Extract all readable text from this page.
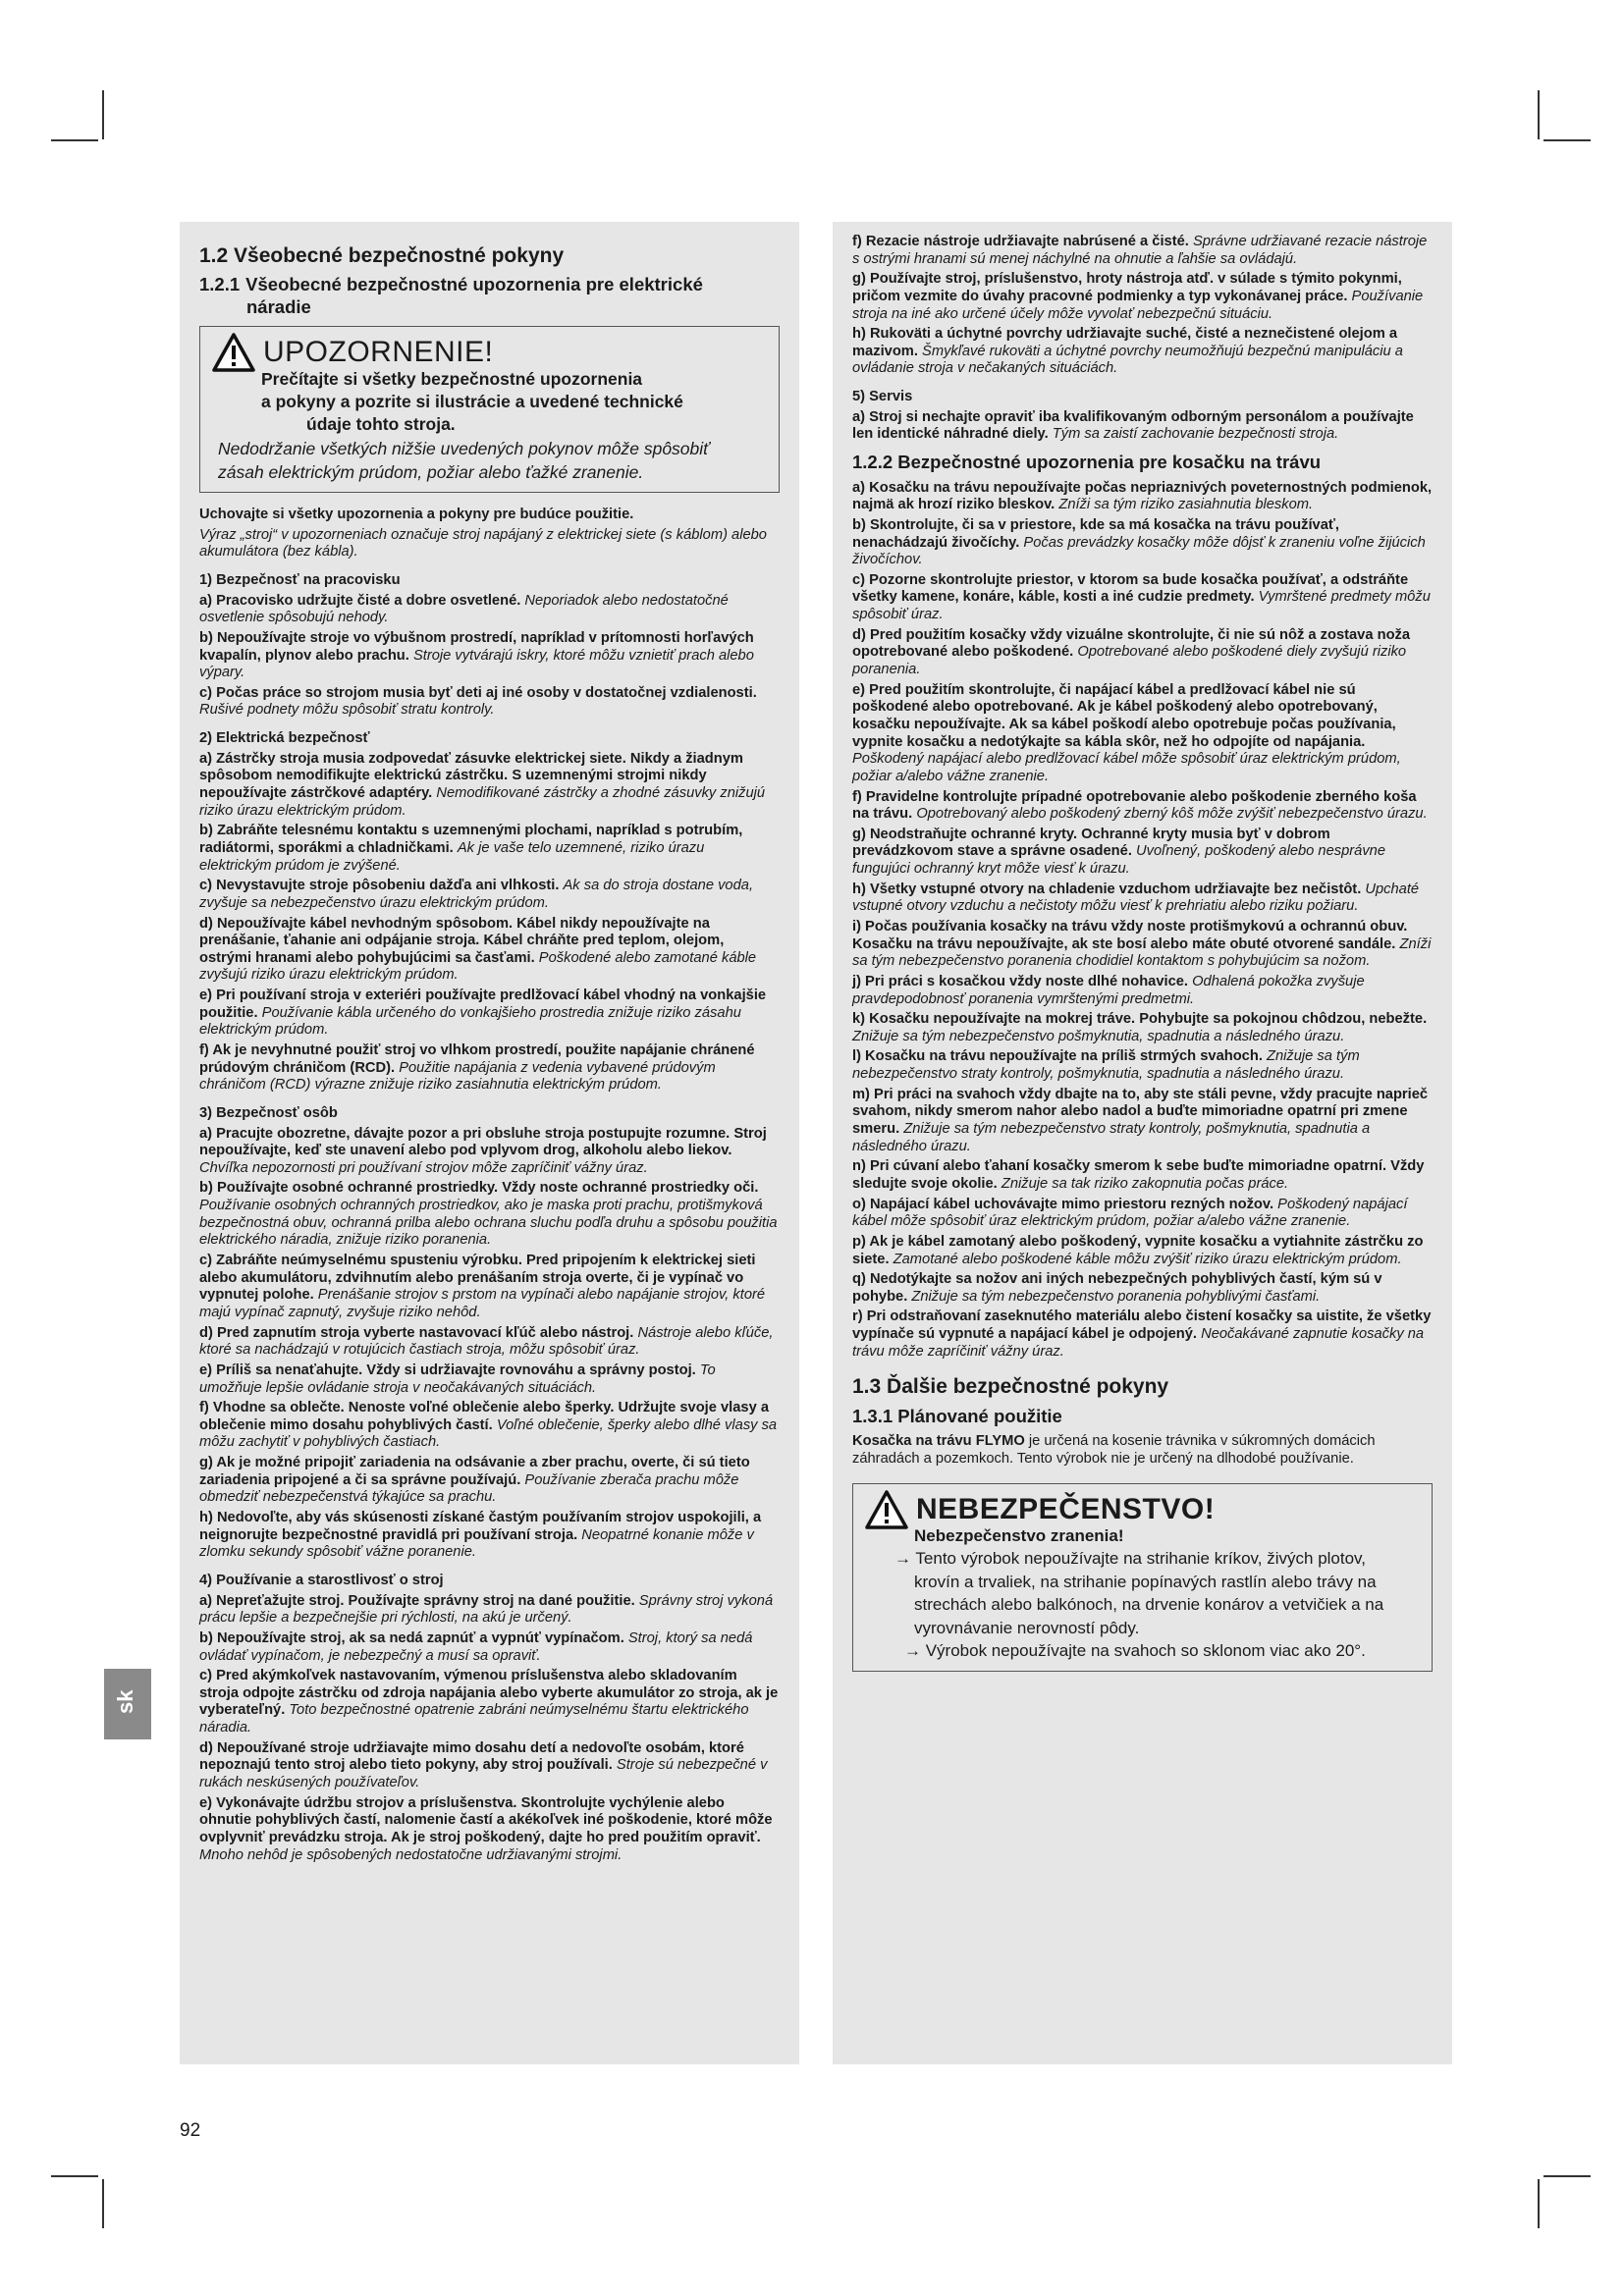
1.2 Všeobecné bezpečnostné pokyny
1.2.1 Všeobecné bezpečnostné upozornenia pre elektrické
náradie
UPOZORNENIE!
Prečítajte si všetky bezpečnostné upozornenia
a pokyny a pozrite si ilustrácie a uvedené technické
údaje tohto stroja.
Nedodržanie všetkých nižšie uvedených pokynov môže spôsobiť
zásah elektrickým prúdom, požiar alebo ťažké zranenie.
Uchovajte si všetky upozornenia a pokyny pre budúce použitie.
Výraz „stroj“ v upozorneniach označuje stroj napájaný z elektrickej siete (s káblom) alebo akumulátora (bez kábla).
1) Bezpečnosť na pracovisku
a) Pracovisko udržujte čisté a dobre osvetlené. Neporiadok alebo nedostatočné osvetlenie spôsobujú nehody.
b) Nepoužívajte stroje vo výbušnom prostredí, napríklad v prítomnosti horľavých kvapalín, plynov alebo prachu. Stroje vytvárajú iskry, ktoré môžu vznietiť prach alebo výpary.
c) Počas práce so strojom musia byť deti aj iné osoby v dostatočnej vzdialenosti. Rušivé podnety môžu spôsobiť stratu kontroly.
2) Elektrická bezpečnosť
a) Zástrčky stroja musia zodpovedať zásuvke elektrickej siete. Nikdy a žiadnym spôsobom nemodifikujte elektrickú zástrčku. S uzemnenými strojmi nikdy nepoužívajte zástrčkové adaptéry. Nemodifikované zástrčky a zhodné zásuvky znižujú riziko úrazu elektrickým prúdom.
b) Zabráňte telesnému kontaktu s uzemnenými plochami, napríklad s potrubím, radiátormi, sporákmi a chladničkami. Ak je vaše telo uzemnené, riziko úrazu elektrickým prúdom je zvýšené.
c) Nevystavujte stroje pôsobeniu dažďa ani vlhkosti. Ak sa do stroja dostane voda, zvyšuje sa nebezpečenstvo úrazu elektrickým prúdom.
d) Nepoužívajte kábel nevhodným spôsobom. Kábel nikdy nepoužívajte na prenášanie, ťahanie ani odpájanie stroja. Kábel chráňte pred teplom, olejom, ostrými hranami alebo pohybujúcimi sa časťami. Poškodené alebo zamotané káble zvyšujú riziko úrazu elektrickým prúdom.
e) Pri používaní stroja v exteriéri používajte predlžovací kábel vhodný na vonkajšie použitie. Používanie kábla určeného do vonkajšieho prostredia znižuje riziko zásahu elektrickým prúdom.
f) Ak je nevyhnutné použiť stroj vo vlhkom prostredí, použite napájanie chránené prúdovým chráničom (RCD). Použitie napájania z vedenia vybavené prúdovým chráničom (RCD) výrazne znižuje riziko zasiahnutia elektrickým prúdom.
3) Bezpečnosť osôb
a) Pracujte obozretne, dávajte pozor a pri obsluhe stroja postupujte rozumne. Stroj nepoužívajte, keď ste unavení alebo pod vplyvom drog, alkoholu alebo liekov. Chvíľka nepozornosti pri používaní strojov môže zapríčiniť vážny úraz.
b) Používajte osobné ochranné prostriedky. Vždy noste ochranné prostriedky oči. Používanie osobných ochranných prostriedkov, ako je maska proti prachu, protišmyková bezpečnostná obuv, ochranná prilba alebo ochrana sluchu podľa druhu a spôsobu použitia elektrického náradia, znižuje riziko poranenia.
c) Zabráňte neúmyselnému spusteniu výrobku. Pred pripojením k elektrickej sieti alebo akumulátoru, zdvihnutím alebo prenášaním stroja overte, či je vypínač vo vypnutej polohe. Prenášanie strojov s prstom na vypínači alebo napájanie strojov, ktoré majú vypínač zapnutý, zvyšuje riziko nehôd.
d) Pred zapnutím stroja vyberte nastavovací kľúč alebo nástroj. Nástroje alebo kľúče, ktoré sa nachádzajú v rotujúcich častiach stroja, môžu spôsobiť úraz.
e) Príliš sa nenaťahujte. Vždy si udržiavajte rovnováhu a správny postoj. To umožňuje lepšie ovládanie stroja v neočakávaných situáciách.
f) Vhodne sa oblečte. Nenoste voľné oblečenie alebo šperky. Udržujte svoje vlasy a oblečenie mimo dosahu pohyblivých častí. Voľné oblečenie, šperky alebo dlhé vlasy sa môžu zachytiť v pohyblivých častiach.
g) Ak je možné pripojiť zariadenia na odsávanie a zber prachu, overte, či sú tieto zariadenia pripojené a či sa správne používajú. Používanie zberača prachu môže obmedziť nebezpečenstvá týkajúce sa prachu.
h) Nedovoľte, aby vás skúsenosti získané častým používaním strojov uspokojili, a neignorujte bezpečnostné pravidlá pri používaní stroja. Neopatrné konanie môže v zlomku sekundy spôsobiť vážne poranenie.
4) Používanie a starostlivosť o stroj
a) Nepreťažujte stroj. Používajte správny stroj na dané použitie. Správny stroj vykoná prácu lepšie a bezpečnejšie pri rýchlosti, na akú je určený.
b) Nepoužívajte stroj, ak sa nedá zapnúť a vypnúť vypínačom. Stroj, ktorý sa nedá ovládať vypínačom, je nebezpečný a musí sa opraviť.
c) Pred akýmkoľvek nastavovaním, výmenou príslušenstva alebo skladovaním stroja odpojte zástrčku od zdroja napájania alebo vyberte akumulátor zo stroja, ak je vyberateľný. Toto bezpečnostné opatrenie zabráni neúmyselnému štartu elektrického náradia.
d) Nepoužívané stroje udržiavajte mimo dosahu detí a nedovoľte osobám, ktoré nepoznajú tento stroj alebo tieto pokyny, aby stroj používali. Stroje sú nebezpečné v rukách neskúsených používateľov.
e) Vykonávajte údržbu strojov a príslušenstva. Skontrolujte vychýlenie alebo ohnutie pohyblivých častí, nalomenie častí a akékoľvek iné poškodenie, ktoré môže ovplyvniť prevádzku stroja. Ak je stroj poškodený, dajte ho pred použitím opraviť. Mnoho nehôd je spôsobených nedostatočne udržiavanými strojmi.
f) Rezacie nástroje udržiavajte nabrúsené a čisté. Správne udržiavané rezacie nástroje s ostrými hranami sú menej náchylné na ohnutie a ľahšie sa ovládajú.
g) Používajte stroj, príslušenstvo, hroty nástroja atď. v súlade s týmito pokynmi, pričom vezmite do úvahy pracovné podmienky a typ vykonávanej práce. Používanie stroja na iné ako určené účely môže vyvolať nebezpečnú situáciu.
h) Rukoväti a úchytné povrchy udržiavajte suché, čisté a neznečistené olejom a mazivom. Šmykľavé rukoväti a úchytné povrchy neumožňujú bezpečnú manipuláciu a ovládanie stroja v nečakaných situáciách.
5) Servis
a) Stroj si nechajte opraviť iba kvalifikovaným odborným personálom a používajte len identické náhradné diely. Tým sa zaistí zachovanie bezpečnosti stroja.
1.2.2 Bezpečnostné upozornenia pre kosačku na trávu
a) Kosačku na trávu nepoužívajte počas nepriaznivých poveternostných podmienok, najmä ak hrozí riziko bleskov. Zníži sa tým riziko zasiahnutia bleskom.
b) Skontrolujte, či sa v priestore, kde sa má kosačka na trávu používať, nenachádzajú živočíchy. Počas prevádzky kosačky môže dôjsť k zraneniu voľne žijúcich živočíchov.
c) Pozorne skontrolujte priestor, v ktorom sa bude kosačka používať, a odstráňte všetky kamene, konáre, káble, kosti a iné cudzie predmety. Vymrštené predmety môžu spôsobiť úraz.
d) Pred použitím kosačky vždy vizuálne skontrolujte, či nie sú nôž a zostava noža opotrebované alebo poškodené. Opotrebované alebo poškodené diely zvyšujú riziko poranenia.
e) Pred použitím skontrolujte, či napájací kábel a predlžovací kábel nie sú poškodené alebo opotrebované. Ak je kábel poškodený alebo opotrebovaný, kosačku nepoužívajte. Ak sa kábel poškodí alebo opotrebuje počas používania, vypnite kosačku a nedotýkajte sa kábla skôr, než ho odpojíte od napájania. Poškodený napájací alebo predlžovací kábel môže spôsobiť úraz elektrickým prúdom, požiar a/alebo vážne zranenie.
f) Pravidelne kontrolujte prípadné opotrebovanie alebo poškodenie zberného koša na trávu. Opotrebovaný alebo poškodený zberný kôš môže zvýšiť nebezpečenstvo úrazu.
g) Neodstraňujte ochranné kryty. Ochranné kryty musia byť v dobrom prevádzkovom stave a správne osadené. Uvoľnený, poškodený alebo nesprávne fungujúci ochranný kryt môže viesť k úrazu.
h) Všetky vstupné otvory na chladenie vzduchom udržiavajte bez nečistôt. Upchaté vstupné otvory vzduchu a nečistoty môžu viesť k prehriatiu alebo riziku požiaru.
i) Počas používania kosačky na trávu vždy noste protišmykovú a ochrannú obuv. Kosačku na trávu nepoužívajte, ak ste bosí alebo máte obuté otvorené sandále. Zníži sa tým nebezpečenstvo poranenia chodidiel kontaktom s pohybujúcim sa nožom.
j) Pri práci s kosačkou vždy noste dlhé nohavice. Odhalená pokožka zvyšuje pravdepodobnosť poranenia vymrštenými predmetmi.
k) Kosačku nepoužívajte na mokrej tráve. Pohybujte sa pokojnou chôdzou, nebežte. Znižuje sa tým nebezpečenstvo pošmyknutia, spadnutia a následného úrazu.
l) Kosačku na trávu nepoužívajte na príliš strmých svahoch. Znižuje sa tým nebezpečenstvo straty kontroly, pošmyknutia, spadnutia a následného úrazu.
m) Pri práci na svahoch vždy dbajte na to, aby ste stáli pevne, vždy pracujte naprieč svahom, nikdy smerom nahor alebo nadol a buďte mimoriadne opatrní pri zmene smeru. Znižuje sa tým nebezpečenstvo straty kontroly, pošmyknutia, spadnutia a následného úrazu.
n) Pri cúvaní alebo ťahaní kosačky smerom k sebe buďte mimoriadne opatrní. Vždy sledujte svoje okolie. Znižuje sa tak riziko zakopnutia počas práce.
o) Napájací kábel uchovávajte mimo priestoru rezných nožov. Poškodený napájací kábel môže spôsobiť úraz elektrickým prúdom, požiar a/alebo vážne zranenie.
p) Ak je kábel zamotaný alebo poškodený, vypnite kosačku a vytiahnite zástrčku zo siete. Zamotané alebo poškodené káble môžu zvýšiť riziko úrazu elektrickým prúdom.
q) Nedotýkajte sa nožov ani iných nebezpečných pohyblivých častí, kým sú v pohybe. Znižuje sa tým nebezpečenstvo poranenia pohyblivými časťami.
r) Pri odstraňovaní zaseknutého materiálu alebo čistení kosačky sa uistite, že všetky vypínače sú vypnuté a napájací kábel je odpojený. Neočakávané zapnutie kosačky na trávu môže zapríčiniť vážny úraz.
1.3 Ďalšie bezpečnostné pokyny
1.3.1 Plánované použitie
Kosačka na trávu FLYMO je určená na kosenie trávnika v súkromných domácich záhradách a pozemkoch. Tento výrobok nie je určený na dlhodobé používanie.
NEBEZPEČENSTVO!
Nebezpečenstvo zranenia!
→ Tento výrobok nepoužívajte na strihanie kríkov, živých plotov,
krovín a trvaliek, na strihanie popínavých rastlín alebo trávy na
strechách alebo balkónoch, na drvenie konárov a vetvičiek a na
vyrovnávanie nerovností pôdy.
→ Výrobok nepoužívajte na svahoch so sklonom viac ako 20°.
sk
92
